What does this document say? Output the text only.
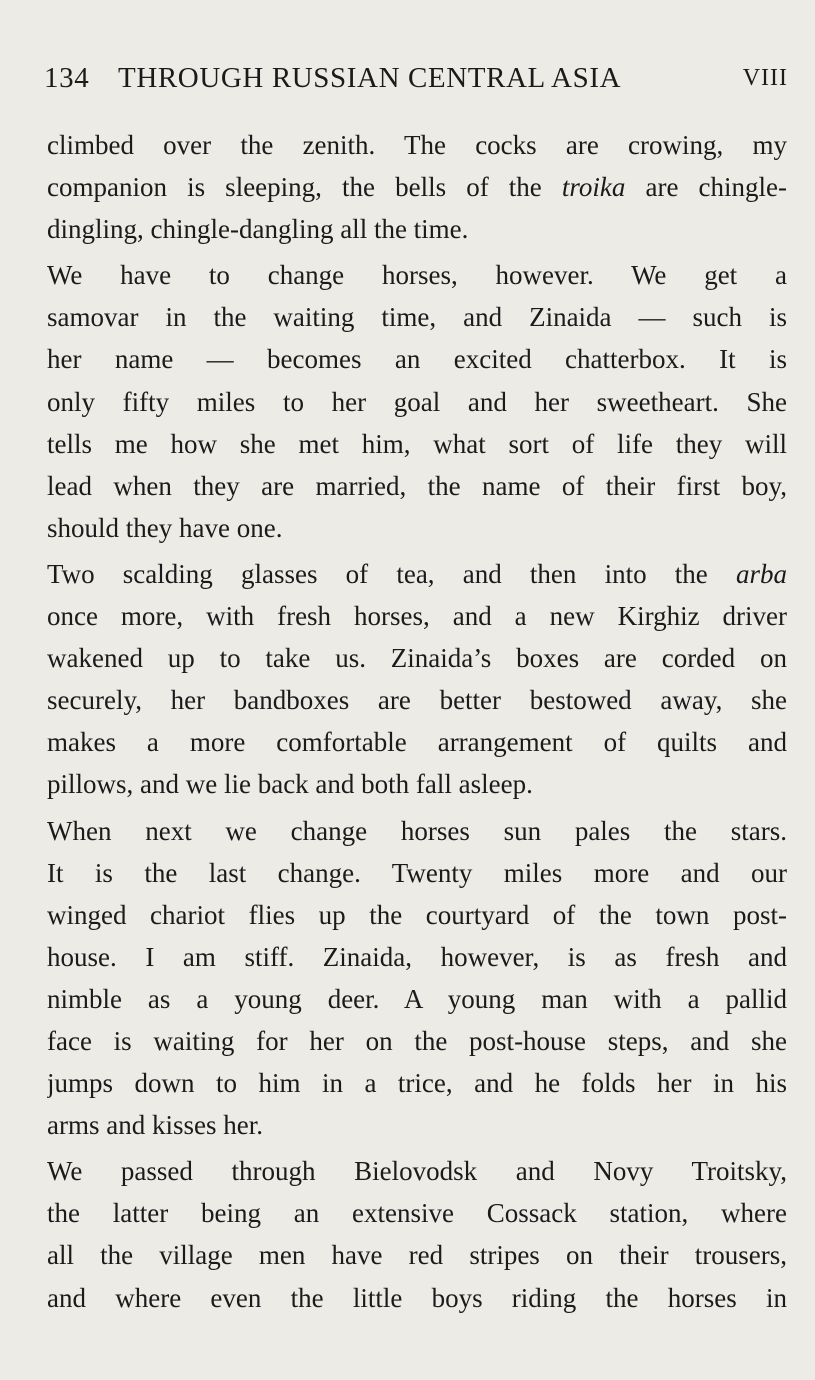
134 THROUGH RUSSIAN CENTRAL ASIA	VIII
climbed over the zenith. The cocks are crowing, my
companion is sleeping, the bells of the troika are chingle-
dingling, chingle-dangling all the time.
We have to change horses, however. We get a
samovar in the waiting time, and Zinaida — such is
her name — becomes an excited chatterbox. It is
only fifty miles to her goal and her sweetheart. She
tells me how she met him, what sort of life they will
lead when they are married, the name of their first boy,
should they have one.
Two scalding glasses of tea, and then into the arba
once more, with fresh horses, and a new Kirghiz driver
wakened up to take us. Zinaida’s boxes are corded on
securely, her bandboxes are better bestowed away, she
makes a more comfortable arrangement of quilts and
pillows, and we lie back and both fall asleep.
When next we change horses sun pales the stars.
It is the last change. Twenty miles more and our
winged chariot flies up the courtyard of the town post-
house. I am stiff. Zinaida, however, is as fresh and
nimble as a young deer. A young man with a pallid
face is waiting for her on the post-house steps, and she
jumps down to him in a trice, and he folds her in his
arms and kisses her.
We passed through Bielovodsk and Novy Troitsky,
the latter being an extensive Cossack station, where
all the village men have red stripes on their trousers,
and where even the little boys riding the horses in
